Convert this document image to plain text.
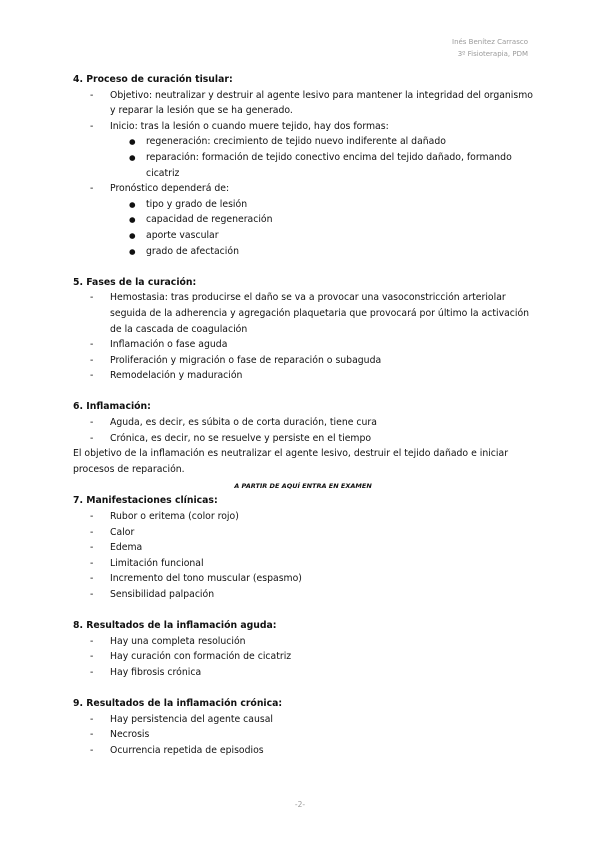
Inés Benítez Carrasco
3º Fisioterapia, PDM
4. Proceso de curación tisular:
- Objetivo: neutralizar y destruir al agente lesivo para mantener la integridad del organismo y reparar la lesión que se ha generado.
- Inicio: tras la lesión o cuando muere tejido, hay dos formas:
● regeneración: crecimiento de tejido nuevo indiferente al dañado
● reparación: formación de tejido conectivo encima del tejido dañado, formando cicatriz
- Pronóstico dependerá de:
● tipo y grado de lesión
● capacidad de regeneración
● aporte vascular
● grado de afectación
5. Fases de la curación:
- Hemostasia: tras producirse el daño se va a provocar una vasoconstricción arteriolar seguida de la adherencia y agregación plaquetaria que provocará por último la activación de la cascada de coagulación
- Inflamación o fase aguda
- Proliferación y migración o fase de reparación o subaguda
- Remodelación y maduración
6. Inflamación:
- Aguda, es decir, es súbita o de corta duración, tiene cura
- Crónica, es decir, no se resuelve y persiste en el tiempo
El objetivo de la inflamación es neutralizar el agente lesivo, destruir el tejido dañado e iniciar procesos de reparación.
A PARTIR DE AQUÍ ENTRA EN EXAMEN
7. Manifestaciones clínicas:
- Rubor o eritema (color rojo)
- Calor
- Edema
- Limitación funcional
- Incremento del tono muscular (espasmo)
- Sensibilidad palpación
8. Resultados de la inflamación aguda:
- Hay una completa resolución
- Hay curación con formación de cicatriz
- Hay fibrosis crónica
9. Resultados de la inflamación crónica:
- Hay persistencia del agente causal
- Necrosis
- Ocurrencia repetida de episodios
-2-
